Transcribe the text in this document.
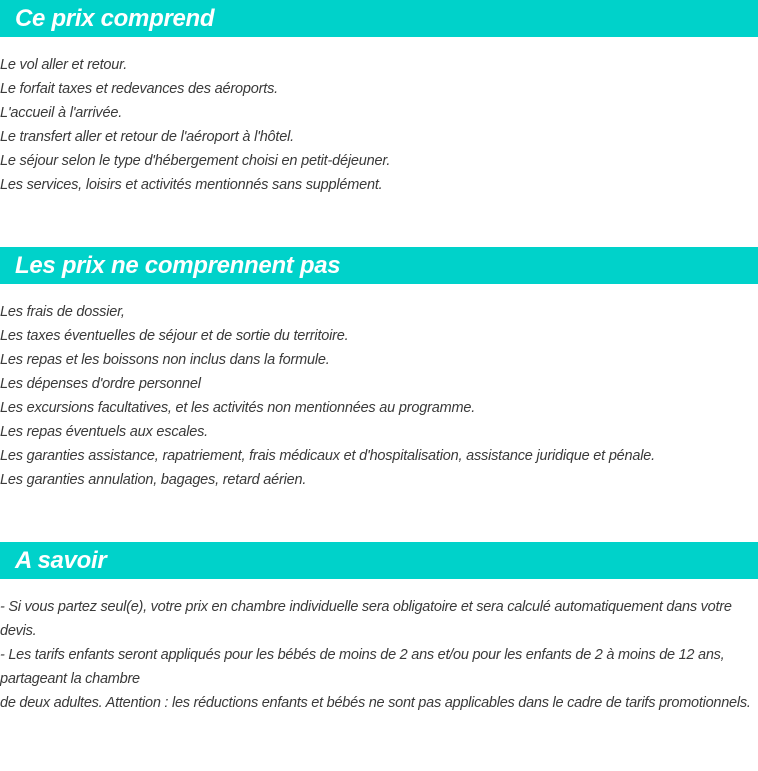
Ce prix comprend
Le vol aller et retour.
Le forfait taxes et redevances des aéroports.
L'accueil à l'arrivée.
Le transfert aller et retour de l'aéroport à l'hôtel.
Le séjour selon le type d'hébergement choisi en petit-déjeuner.
Les services, loisirs et activités mentionnés sans supplément.
Les prix ne comprennent pas
Les frais de dossier,
Les taxes éventuelles de séjour et de sortie du territoire.
Les repas et les boissons non inclus dans la formule.
Les dépenses d'ordre personnel
Les excursions facultatives, et les activités non mentionnées au programme.
Les repas éventuels aux escales.
Les garanties assistance, rapatriement, frais médicaux et d'hospitalisation, assistance juridique et pénale.
Les garanties annulation, bagages, retard aérien.
A savoir

- Si vous partez seul(e), votre prix en chambre individuelle sera obligatoire et sera calculé automatiquement dans votre devis.

- Les tarifs enfants seront appliqués pour les bébés de moins de 2 ans et/ou pour les enfants de 2 à moins de 12 ans, partageant la chambre

de deux adultes. Attention : les réductions enfants et bébés ne sont pas applicables dans le cadre de tarifs promotionnels.
